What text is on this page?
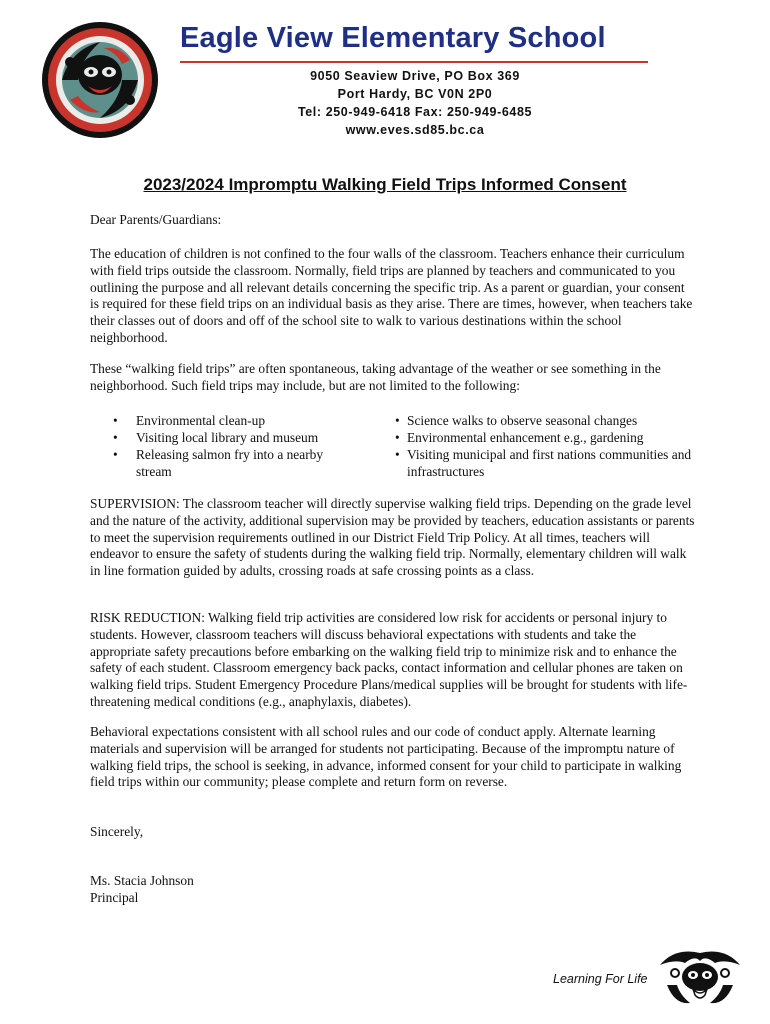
Eagle View Elementary School
9050 Seaview Drive, PO Box 369
Port Hardy, BC V0N 2P0
Tel: 250-949-6418 Fax: 250-949-6485
www.eves.sd85.bc.ca
2023/2024 Impromptu Walking Field Trips Informed Consent
Dear Parents/Guardians:

The education of children is not confined to the four walls of the classroom. Teachers enhance their curriculum with field trips outside the classroom. Normally, field trips are planned by teachers and communicated to you outlining the purpose and all relevant details concerning the specific trip. As a parent or guardian, your consent is required for these field trips on an individual basis as they arise. There are times, however, when teachers take their classes out of doors and off of the school site to walk to various destinations within the school neighborhood.

These “walking field trips” are often spontaneous, taking advantage of the weather or see something in the neighborhood. Such field trips may include, but are not limited to the following:

• Environmental clean-up
• Visiting local library and museum
• Releasing salmon fry into a nearby stream
• Science walks to observe seasonal changes
• Environmental enhancement e.g., gardening
• Visiting municipal and first nations communities and infrastructures

SUPERVISION: The classroom teacher will directly supervise walking field trips. Depending on the grade level and the nature of the activity, additional supervision may be provided by teachers, education assistants or parents to meet the supervision requirements outlined in our District Field Trip Policy. At all times, teachers will endeavor to ensure the safety of students during the walking field trip. Normally, elementary children will walk in line formation guided by adults, crossing roads at safe crossing points as a class.

RISK REDUCTION: Walking field trip activities are considered low risk for accidents or personal injury to students. However, classroom teachers will discuss behavioral expectations with students and take the appropriate safety precautions before embarking on the walking field trip to minimize risk and to enhance the safety of each student. Classroom emergency back packs, contact information and cellular phones are taken on walking field trips. Student Emergency Procedure Plans/medical supplies will be brought for students with life-threatening medical conditions (e.g., anaphylaxis, diabetes).

Behavioral expectations consistent with all school rules and our code of conduct apply. Alternate learning materials and supervision will be arranged for students not participating. Because of the impromptu nature of walking field trips, the school is seeking, in advance, informed consent for your child to participate in walking field trips within our community; please complete and return form on reverse.

Sincerely,
Ms. Stacia Johnson
Principal
Learning For Life
